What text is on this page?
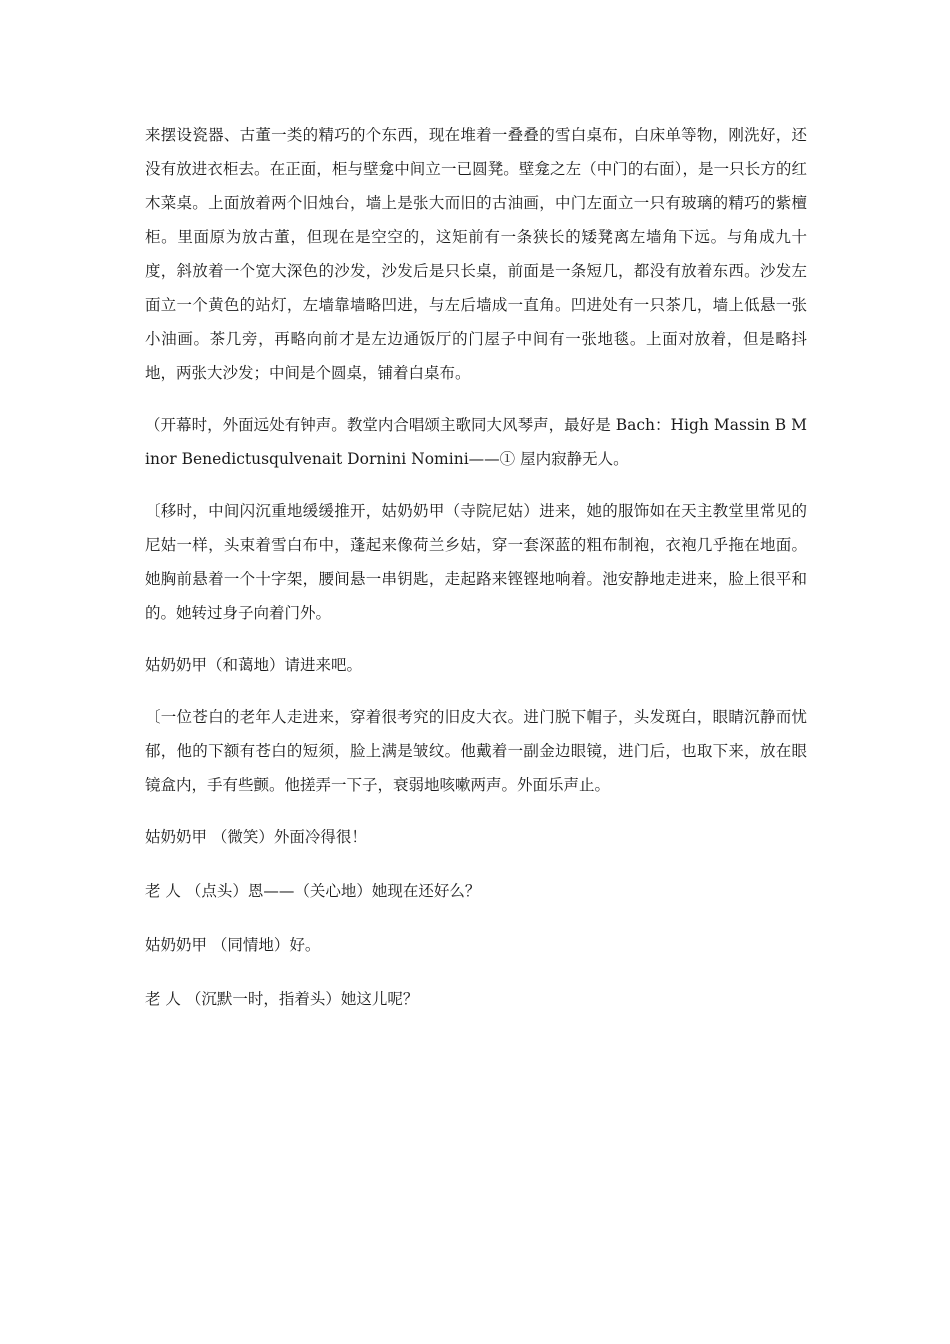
来摆设瓷器、古董一类的精巧的个东西，现在堆着一叠叠的雪白桌布，白床单等物，刚洗好，还没有放进衣柜去。在正面，柜与壁龛中间立一已圆凳。壁龛之左（中门的右面），是一只长方的红木菜桌。上面放着两个旧烛台，墙上是张大而旧的古油画，中门左面立一只有玻璃的精巧的紫檀柜。里面原为放古董，但现在是空空的，这矩前有一条狭长的矮凳离左墙角下远。与角成九十度，斜放着一个宽大深色的沙发，沙发后是只长桌，前面是一条短几，都没有放着东西。沙发左面立一个黄色的站灯，左墙靠墙略凹进，与左后墙成一直角。凹进处有一只茶几，墙上低悬一张小油画。茶几旁，再略向前才是左边通饭厅的门屋子中间有一张地毯。上面对放着，但是略抖地，两张大沙发；中间是个圆桌，铺着白桌布。

（开幕时，外面远处有钟声。教堂内合唱颂主歌同大风琴声，最好是 Bach：High Massin B Minor Benedictusqulvenait Dornini Nomini——① 屋内寂静无人。

〔移时，中间闪沉重地缓缓推开，姑奶奶甲（寺院尼姑）进来，她的服饰如在天主教堂里常见的尼姑一样，头束着雪白布中，蓬起来像荷兰乡姑，穿一套深蓝的粗布制袍，衣袍几乎拖在地面。她胸前悬着一个十字架，腰间悬一串钥匙，走起路来铿铿地响着。池安静地走进来，脸上很平和的。她转过身子向着门外。

姑奶奶甲（和蔼地）请进来吧。

〔一位苍白的老年人走进来，穿着很考究的旧皮大衣。进门脱下帽子，头发斑白，眼睛沉静而忧郁，他的下额有苍白的短须，脸上满是皱纹。他戴着一副金边眼镜，进门后，也取下来，放在眼镜盒内，手有些颤。他搓弄一下子，衰弱地咳嗽两声。外面乐声止。

姑奶奶甲 （微笑）外面冷得很！

老 人 （点头）恩——（关心地）她现在还好么？

姑奶奶甲 （同情地）好。

老 人 （沉默一时，指着头）她这儿呢？
